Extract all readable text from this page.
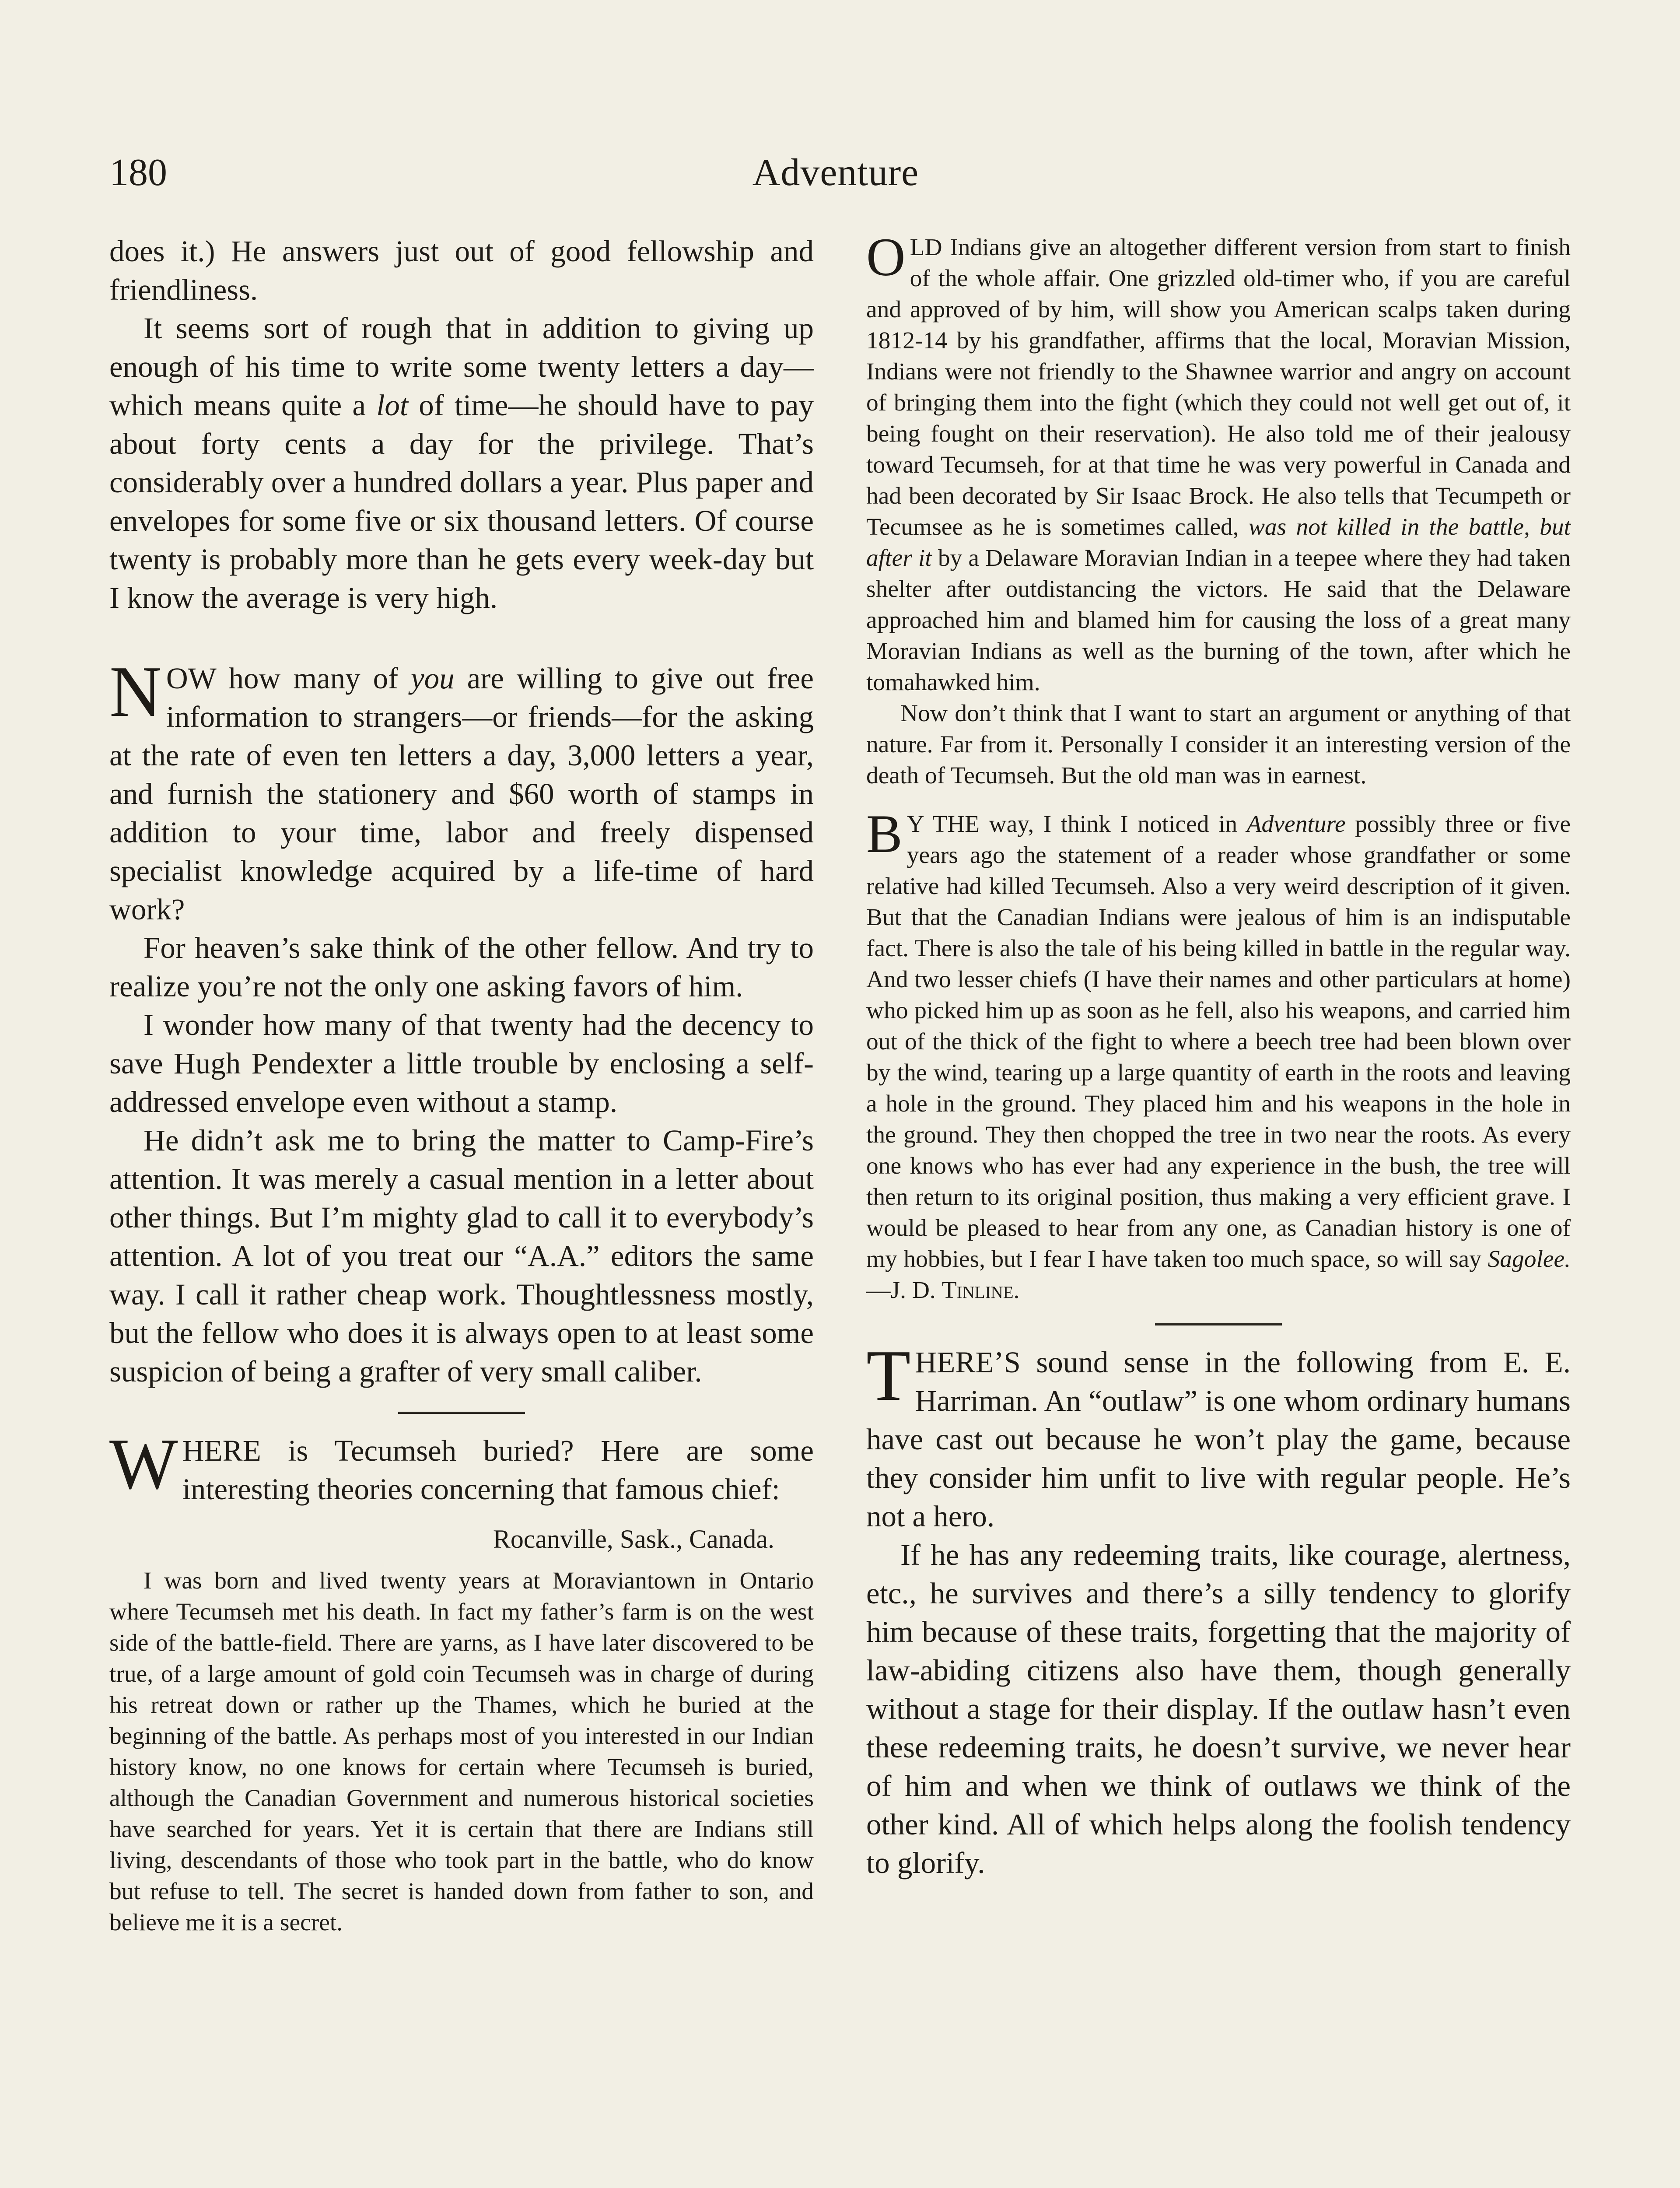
180	Adventure

does it.) He answers just out of good fellowship and friendliness.

It seems sort of rough that in addition to giving up enough of his time to write some twenty letters a day—which means quite a lot of time—he should have to pay about forty cents a day for the privilege. That’s considerably over a hundred dollars a year. Plus paper and envelopes for some five or six thousand letters. Of course twenty is probably more than he gets every week-day but I know the average is very high.

NOW how many of you are willing to give out free information to strangers—or friends—for the asking at the rate of even ten letters a day, 3,000 letters a year, and furnish the stationery and $60 worth of stamps in addition to your time, labor and freely dispensed specialist knowledge acquired by a life-time of hard work?

For heaven’s sake think of the other fellow. And try to realize you’re not the only one asking favors of him.

I wonder how many of that twenty had the decency to save Hugh Pendexter a little trouble by enclosing a self-addressed envelope even without a stamp.

He didn’t ask me to bring the matter to Camp-Fire’s attention. It was merely a casual mention in a letter about other things. But I’m mighty glad to call it to everybody’s attention. A lot of you treat our “A.A.” editors the same way. I call it rather cheap work. Thoughtlessness mostly, but the fellow who does it is always open to at least some suspicion of being a grafter of very small caliber.

WHERE is Tecumseh buried? Here are some interesting theories concerning that famous chief:

Rocanville, Sask., Canada.

I was born and lived twenty years at Moraviantown in Ontario where Tecumseh met his death. In fact my father’s farm is on the west side of the battle-field. There are yarns, as I have later discovered to be true, of a large amount of gold coin Tecumseh was in charge of during his retreat down or rather up the Thames, which he buried at the beginning of the battle. As perhaps most of you interested in our Indian history know, no one knows for certain where Tecumseh is buried, although the Canadian Government and numerous historical societies have searched for years. Yet it is certain that there are Indians still living, descendants of those who took part in the battle, who do know but refuse to tell. The secret is handed down from father to son, and believe me it is a secret.

OLD Indians give an altogether different version from start to finish of the whole affair. One grizzled old-timer who, if you are careful and approved of by him, will show you American scalps taken during 1812-14 by his grandfather, affirms that the local, Moravian Mission, Indians were not friendly to the Shawnee warrior and angry on account of bringing them into the fight (which they could not well get out of, it being fought on their reservation). He also told me of their jealousy toward Tecumseh, for at that time he was very powerful in Canada and had been decorated by Sir Isaac Brock. He also tells that Tecumpeth or Tecumsee as he is sometimes called, was not killed in the battle, but after it by a Delaware Moravian Indian in a teepee where they had taken shelter after outdistancing the victors. He said that the Delaware approached him and blamed him for causing the loss of a great many Moravian Indians as well as the burning of the town, after which he tomahawked him.

Now don’t think that I want to start an argument or anything of that nature. Far from it. Personally I consider it an interesting version of the death of Tecumseh. But the old man was in earnest.

B Y THE way, I think I noticed in Adventure possibly three or five years ago the statement of a reader whose grandfather or some relative had killed Tecumseh. Also a very weird description of it given. But that the Canadian Indians were jealous of him is an indisputable fact. There is also the tale of his being killed in battle in the regular way. And two lesser chiefs (I have their names and other particulars at home) who picked him up as soon as he fell, also his weapons, and carried him out of the thick of the fight to where a beech tree had been blown over by the wind, tearing up a large quantity of earth in the roots and leaving a hole in the ground. They placed him and his weapons in the hole in the ground. They then chopped the tree in two near the roots. As every one knows who has ever had any experience in the bush, the tree will then return to its original position, thus making a very efficient grave. I would be pleased to hear from any one, as Canadian history is one of my hobbies, but I fear I have taken too much space, so will say Sagolee.—J. D. Tinline.

THERE’S sound sense in the following from E. E. Harriman. An “outlaw” is one whom ordinary humans have cast out because he won’t play the game, because they consider him unfit to live with regular people. He’s not a hero.

If he has any redeeming traits, like courage, alertness, etc., he survives and there’s a silly tendency to glorify him because of these traits, forgetting that the majority of law-abiding citizens also have them, though generally without a stage for their display. If the outlaw hasn’t even these redeeming traits, he doesn’t survive, we never hear of him and when we think of outlaws we think of the other kind. All of which helps along the foolish tendency to glorify.
